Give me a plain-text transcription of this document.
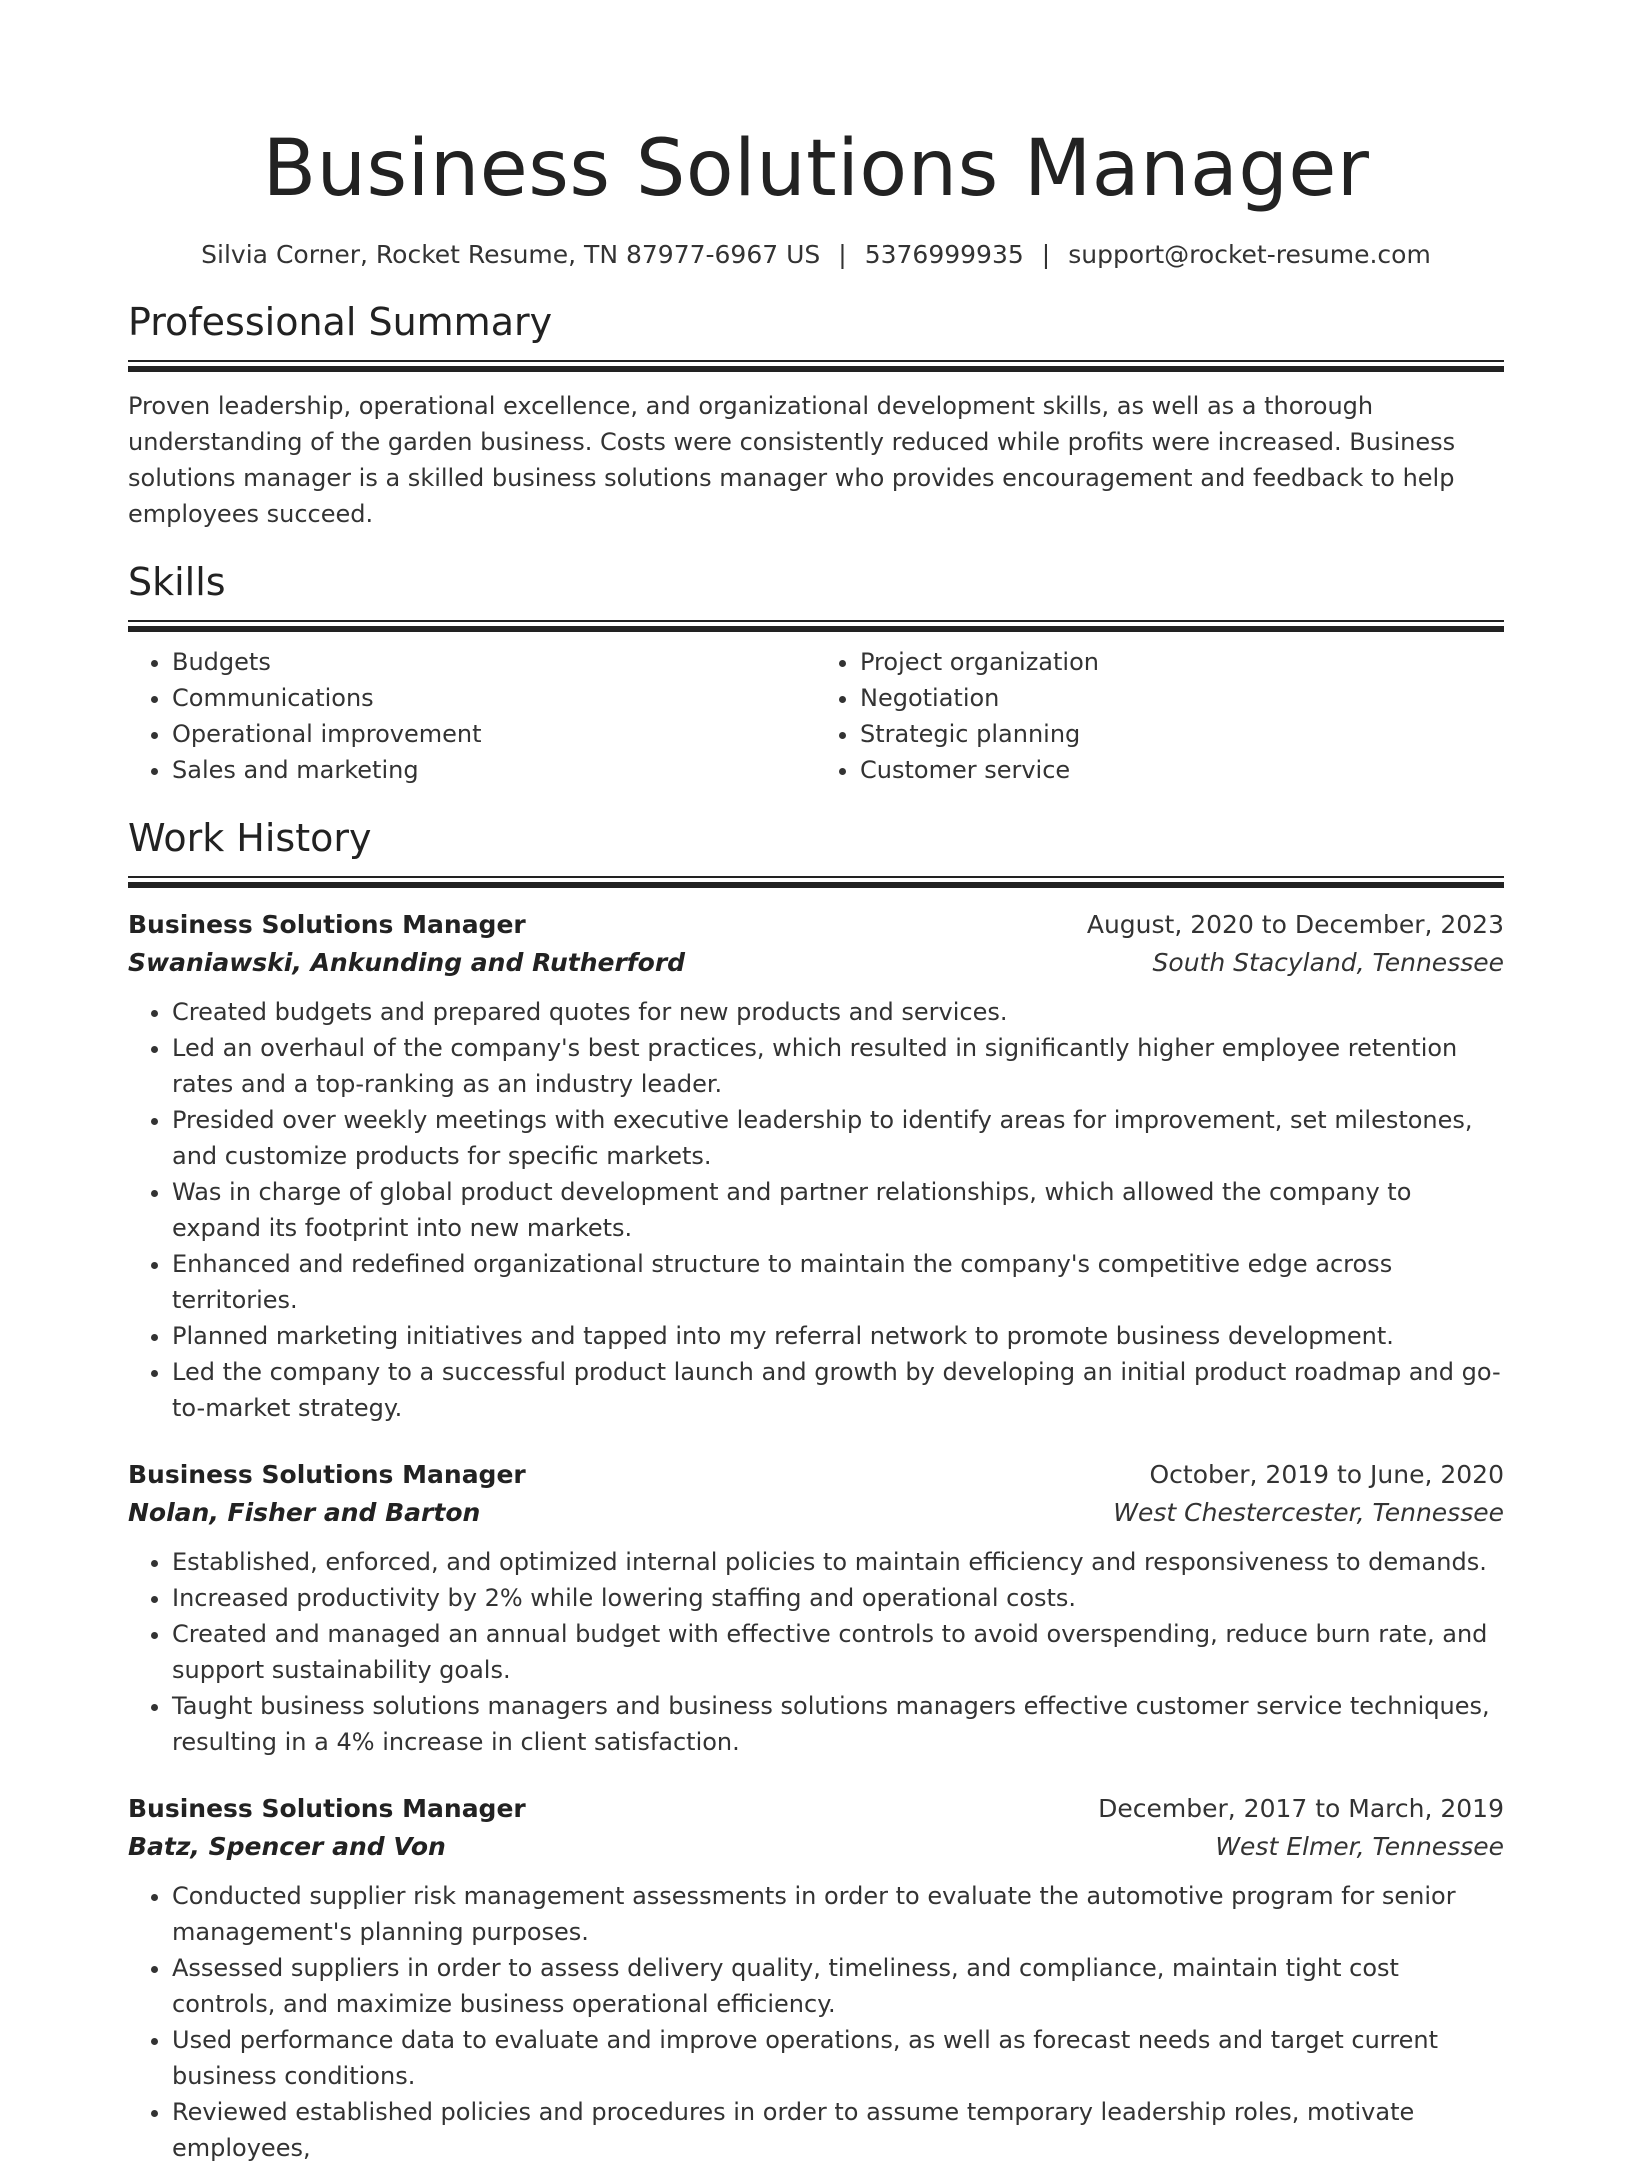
Business Solutions Manager
Silvia Corner, Rocket Resume, TN 87977-6967 US | 5376999935 | support@rocket-resume.com
Professional Summary

Proven leadership, operational excellence, and organizational development skills, as well as a thorough understanding of the garden business. Costs were consistently reduced while profits were increased. Business solutions manager is a skilled business solutions manager who provides encouragement and feedback to help employees succeed.

Skills
• Budgets
• Communications
• Operational improvement
• Sales and marketing
• Project organization
• Negotiation
• Strategic planning
• Customer service
Work History
Business Solutions Manager	August, 2020 to December, 2023
Swaniawski, Ankunding and Rutherford	South Stacyland, Tennessee
• Created budgets and prepared quotes for new products and services.
• Led an overhaul of the company's best practices, which resulted in significantly higher employee retention rates and a top-ranking as an industry leader.
• Presided over weekly meetings with executive leadership to identify areas for improvement, set milestones, and customize products for specific markets.
• Was in charge of global product development and partner relationships, which allowed the company to expand its footprint into new markets.
• Enhanced and redefined organizational structure to maintain the company's competitive edge across territories.
• Planned marketing initiatives and tapped into my referral network to promote business development.
• Led the company to a successful product launch and growth by developing an initial product roadmap and go-to-market strategy.
Business Solutions Manager	October, 2019 to June, 2020
Nolan, Fisher and Barton	West Chestercester, Tennessee
• Established, enforced, and optimized internal policies to maintain efficiency and responsiveness to demands.
• Increased productivity by 2% while lowering staffing and operational costs.
• Created and managed an annual budget with effective controls to avoid overspending, reduce burn rate, and support sustainability goals.
• Taught business solutions managers and business solutions managers effective customer service techniques, resulting in a 4% increase in client satisfaction.
Business Solutions Manager	December, 2017 to March, 2019
Batz, Spencer and Von	West Elmer, Tennessee
• Conducted supplier risk management assessments in order to evaluate the automotive program for senior management's planning purposes.
• Assessed suppliers in order to assess delivery quality, timeliness, and compliance, maintain tight cost controls, and maximize business operational efficiency.
• Used performance data to evaluate and improve operations, as well as forecast needs and target current business conditions.
• Reviewed established policies and procedures in order to assume temporary leadership roles, motivate employees,
